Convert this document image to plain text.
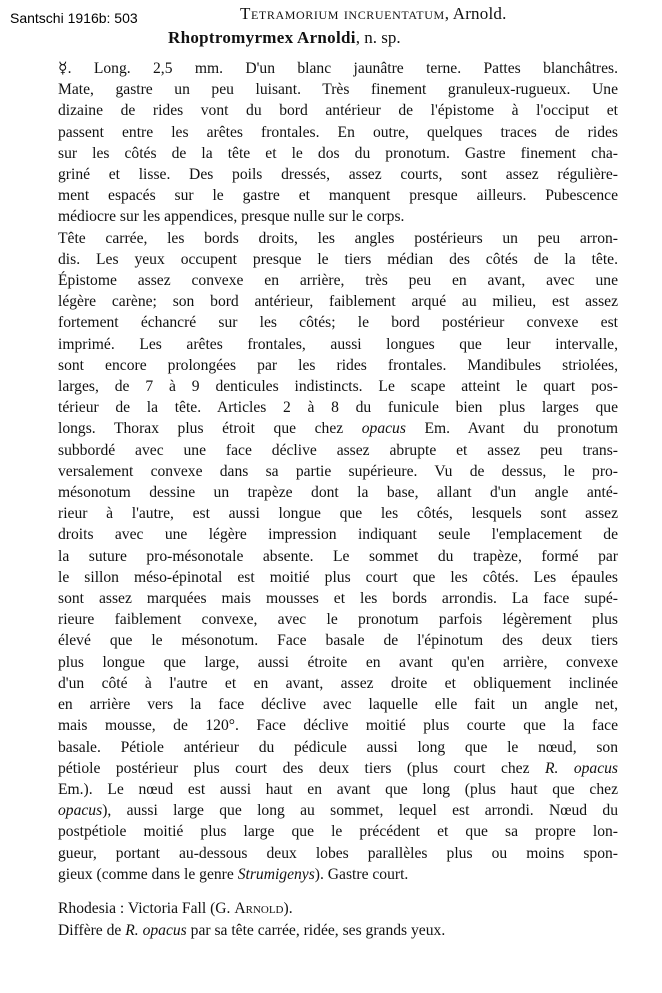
Santschi 1916b: 503	Tetramorium incruentatum, Arnold.
Rhoptromyrmex Arnoldi, n. sp.

☿. Long. 2,5 mm. D'un blanc jaunâtre terne. Pattes blanchâtres.
Mate, gastre un peu luisant. Très finement granuleux-rugueux. Une
dizaine de rides vont du bord antérieur de l'épistome à l'occiput et
passent entre les arêtes frontales. En outre, quelques traces de rides
sur les côtés de la tête et le dos du pronotum. Gastre finement cha-
griné et lisse. Des poils dressés, assez courts, sont assez régulière-
ment espacés sur le gastre et manquent presque ailleurs. Pubescence
médiocre sur les appendices, presque nulle sur le corps.

Tête carrée, les bords droits, les angles postérieurs un peu arron-
dis. Les yeux occupent presque le tiers médian des côtés de la tête.
Épistome assez convexe en arrière, très peu en avant, avec une
légère carène; son bord antérieur, faiblement arqué au milieu, est assez
fortement échancré sur les côtés; le bord postérieur convexe est
imprimé. Les arêtes frontales, aussi longues que leur intervalle,
sont encore prolongées par les rides frontales. Mandibules striolées,
larges, de 7 à 9 denticules indistincts. Le scape atteint le quart pos-
térieur de la tête. Articles 2 à 8 du funicule bien plus larges que
longs. Thorax plus étroit que chez opacus Em. Avant du pronotum
subbordé avec une face déclive assez abrupte et assez peu trans-
versalement convexe dans sa partie supérieure. Vu de dessus, le pro-
mésonotum dessine un trapèze dont la base, allant d'un angle anté-
rieur à l'autre, est aussi longue que les côtés, lesquels sont assez
droits avec une légère impression indiquant seule l'emplacement de
la suture pro-mésonotale absente. Le sommet du trapèze, formé par
le sillon méso-épinotal est moitié plus court que les côtés. Les épaules
sont assez marquées mais mousses et les bords arrondis. La face supé-
rieure faiblement convexe, avec le pronotum parfois légèrement plus
élevé que le mésonotum. Face basale de l'épinotum des deux tiers
plus longue que large, aussi étroite en avant qu'en arrière, convexe
d'un côté à l'autre et en avant, assez droite et obliquement inclinée
en arrière vers la face déclive avec laquelle elle fait un angle net,
mais mousse, de 120°. Face déclive moitié plus courte que la face
basale. Pétiole antérieur du pédicule aussi long que le nœud, son
pétiole postérieur plus court des deux tiers (plus court chez R. opacus
Em.). Le nœud est aussi haut en avant que long (plus haut que chez
opacus), aussi large que long au sommet, lequel est arrondi. Nœud du
postpétiole moitié plus large que le précédent et que sa propre lon-
gueur, portant au-dessous deux lobes parallèles plus ou moins spon-
gieux (comme dans le genre Strumigenys). Gastre court.

Rhodesia : Victoria Fall (G. Arnold).
Diffère de R. opacus par sa tête carrée, ridée, ses grands yeux.
